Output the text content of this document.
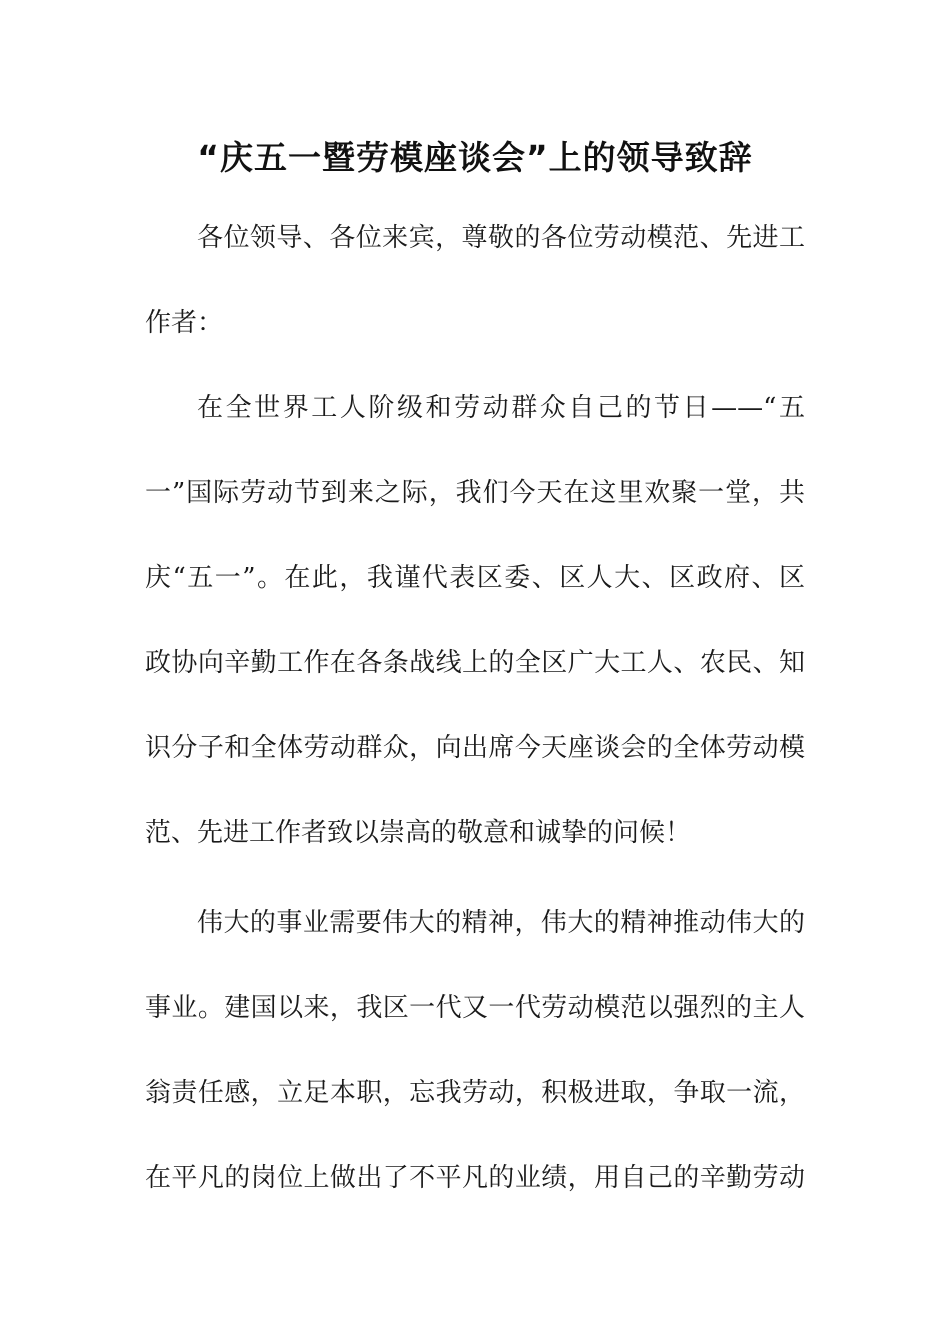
“庆五一暨劳模座谈会”上的领导致辞
各位领导、各位来宾，尊敬的各位劳动模范、先进工
作者：
在全世界工人阶级和劳动群众自己的节日——“五
一”国际劳动节到来之际，我们今天在这里欢聚一堂，共
庆“五一”。在此，我谨代表区委、区人大、区政府、区
政协向辛勤工作在各条战线上的全区广大工人、农民、知
识分子和全体劳动群众，向出席今天座谈会的全体劳动模
范、先进工作者致以崇高的敬意和诚挚的问候！
伟大的事业需要伟大的精神，伟大的精神推动伟大的
事业。建国以来，我区一代又一代劳动模范以强烈的主人
翁责任感，立足本职，忘我劳动，积极进取，争取一流，
在平凡的岗位上做出了不平凡的业绩，用自己的辛勤劳动
